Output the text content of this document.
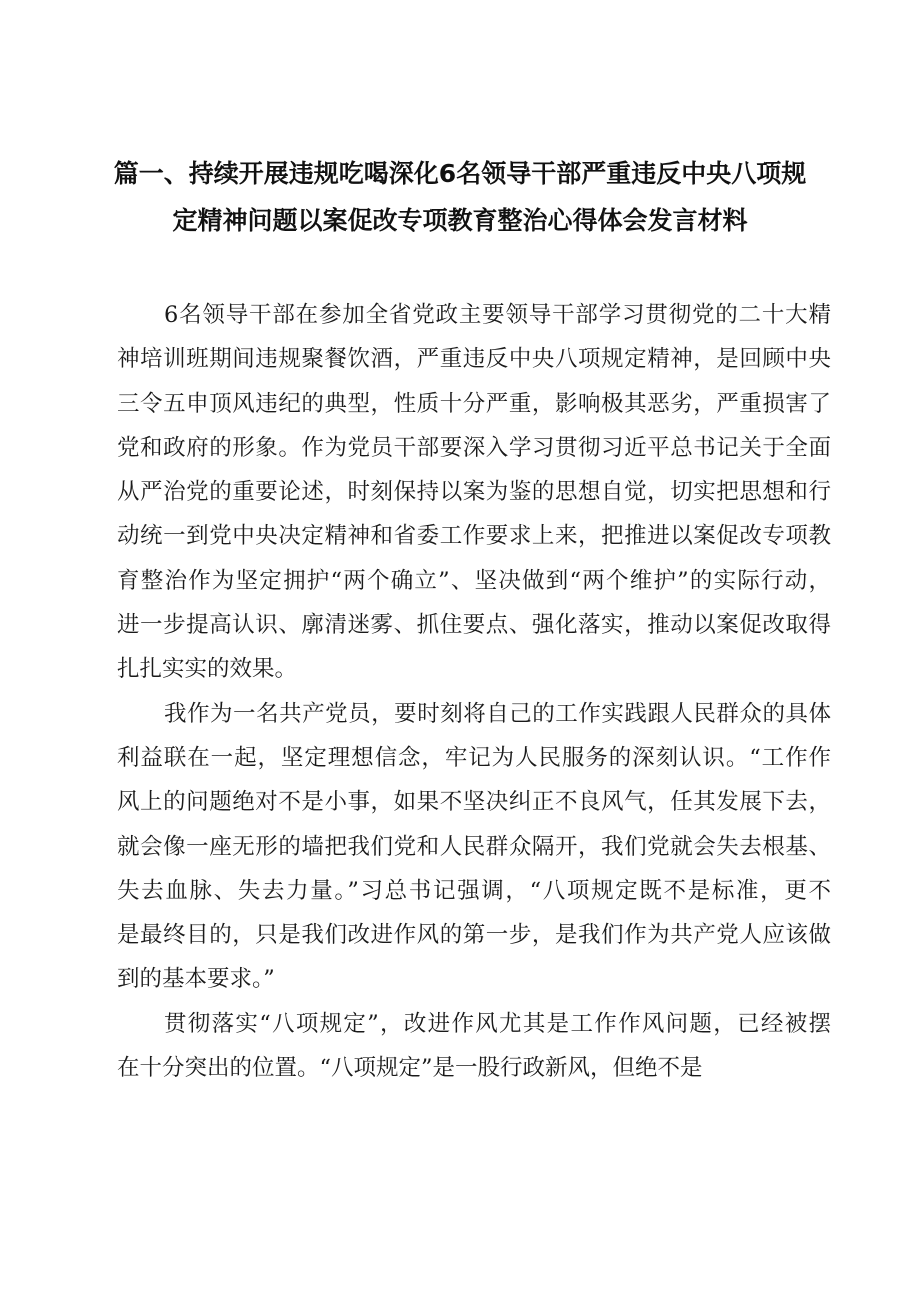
篇一、持续开展违规吃喝深化6名领导干部严重违反中央八项规
定精神问题以案促改专项教育整治心得体会发言材料

6名领导干部在参加全省党政主要领导干部学习贯彻党的二十大精
神培训班期间违规聚餐饮酒，严重违反中央八项规定精神，是回顾中央
三令五申顶风违纪的典型，性质十分严重，影响极其恶劣，严重损害了
党和政府的形象。作为党员干部要深入学习贯彻习近平总书记关于全面
从严治党的重要论述，时刻保持以案为鉴的思想自觉，切实把思想和行
动统一到党中央决定精神和省委工作要求上来，把推进以案促改专项教
育整治作为坚定拥护“两个确立”、坚决做到“两个维护”的实际行动，
进一步提高认识、廓清迷雾、抓住要点、强化落实，推动以案促改取得
扎扎实实的效果。

我作为一名共产党员，要时刻将自己的工作实践跟人民群众的具体
利益联在一起，坚定理想信念，牢记为人民服务的深刻认识。“工作作
风上的问题绝对不是小事，如果不坚决纠正不良风气，任其发展下去，
就会像一座无形的墙把我们党和人民群众隔开，我们党就会失去根基、
失去血脉、失去力量。”习总书记强调，“八项规定既不是标准，更不
是最终目的，只是我们改进作风的第一步，是我们作为共产党人应该做
到的基本要求。”

贯彻落实“八项规定”，改进作风尤其是工作作风问题，已经被摆
在十分突出的位置。“八项规定”是一股行政新风，但绝不是
